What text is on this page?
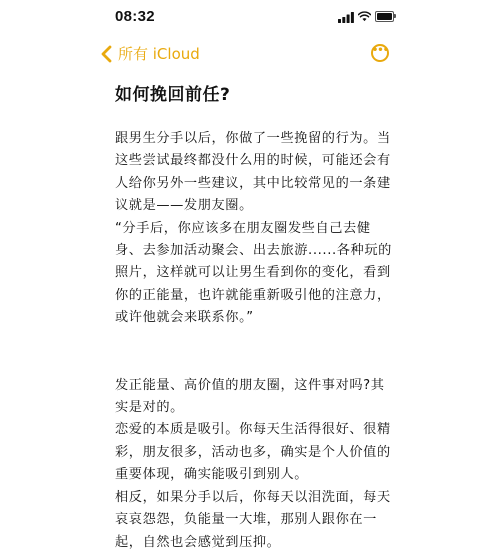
08:32
所有 iCloud	•••
如何挽回前任?

跟男生分手以后，你做了一些挽留的行为。当这些尝试最终都没什么用的时候，可能还会有人给你另外一些建议，其中比较常见的一条建议就是——发朋友圈。

“分手后，你应该多在朋友圈发些自己去健身、去参加活动聚会、出去旅游......各种玩的照片，这样就可以让男生看到你的变化，看到你的正能量，也许就能重新吸引他的注意力，或许他就会来联系你。”

发正能量、高价值的朋友圈，这件事对吗?其实是对的。

恋爱的本质是吸引。你每天生活得很好、很精彩，朋友很多，活动也多，确实是个人价值的重要体现，确实能吸引到别人。

相反，如果分手以后，你每天以泪洗面，每天哀哀怨怨，负能量一大堆，那别人跟你在一起，自然也会感觉到压抑。
